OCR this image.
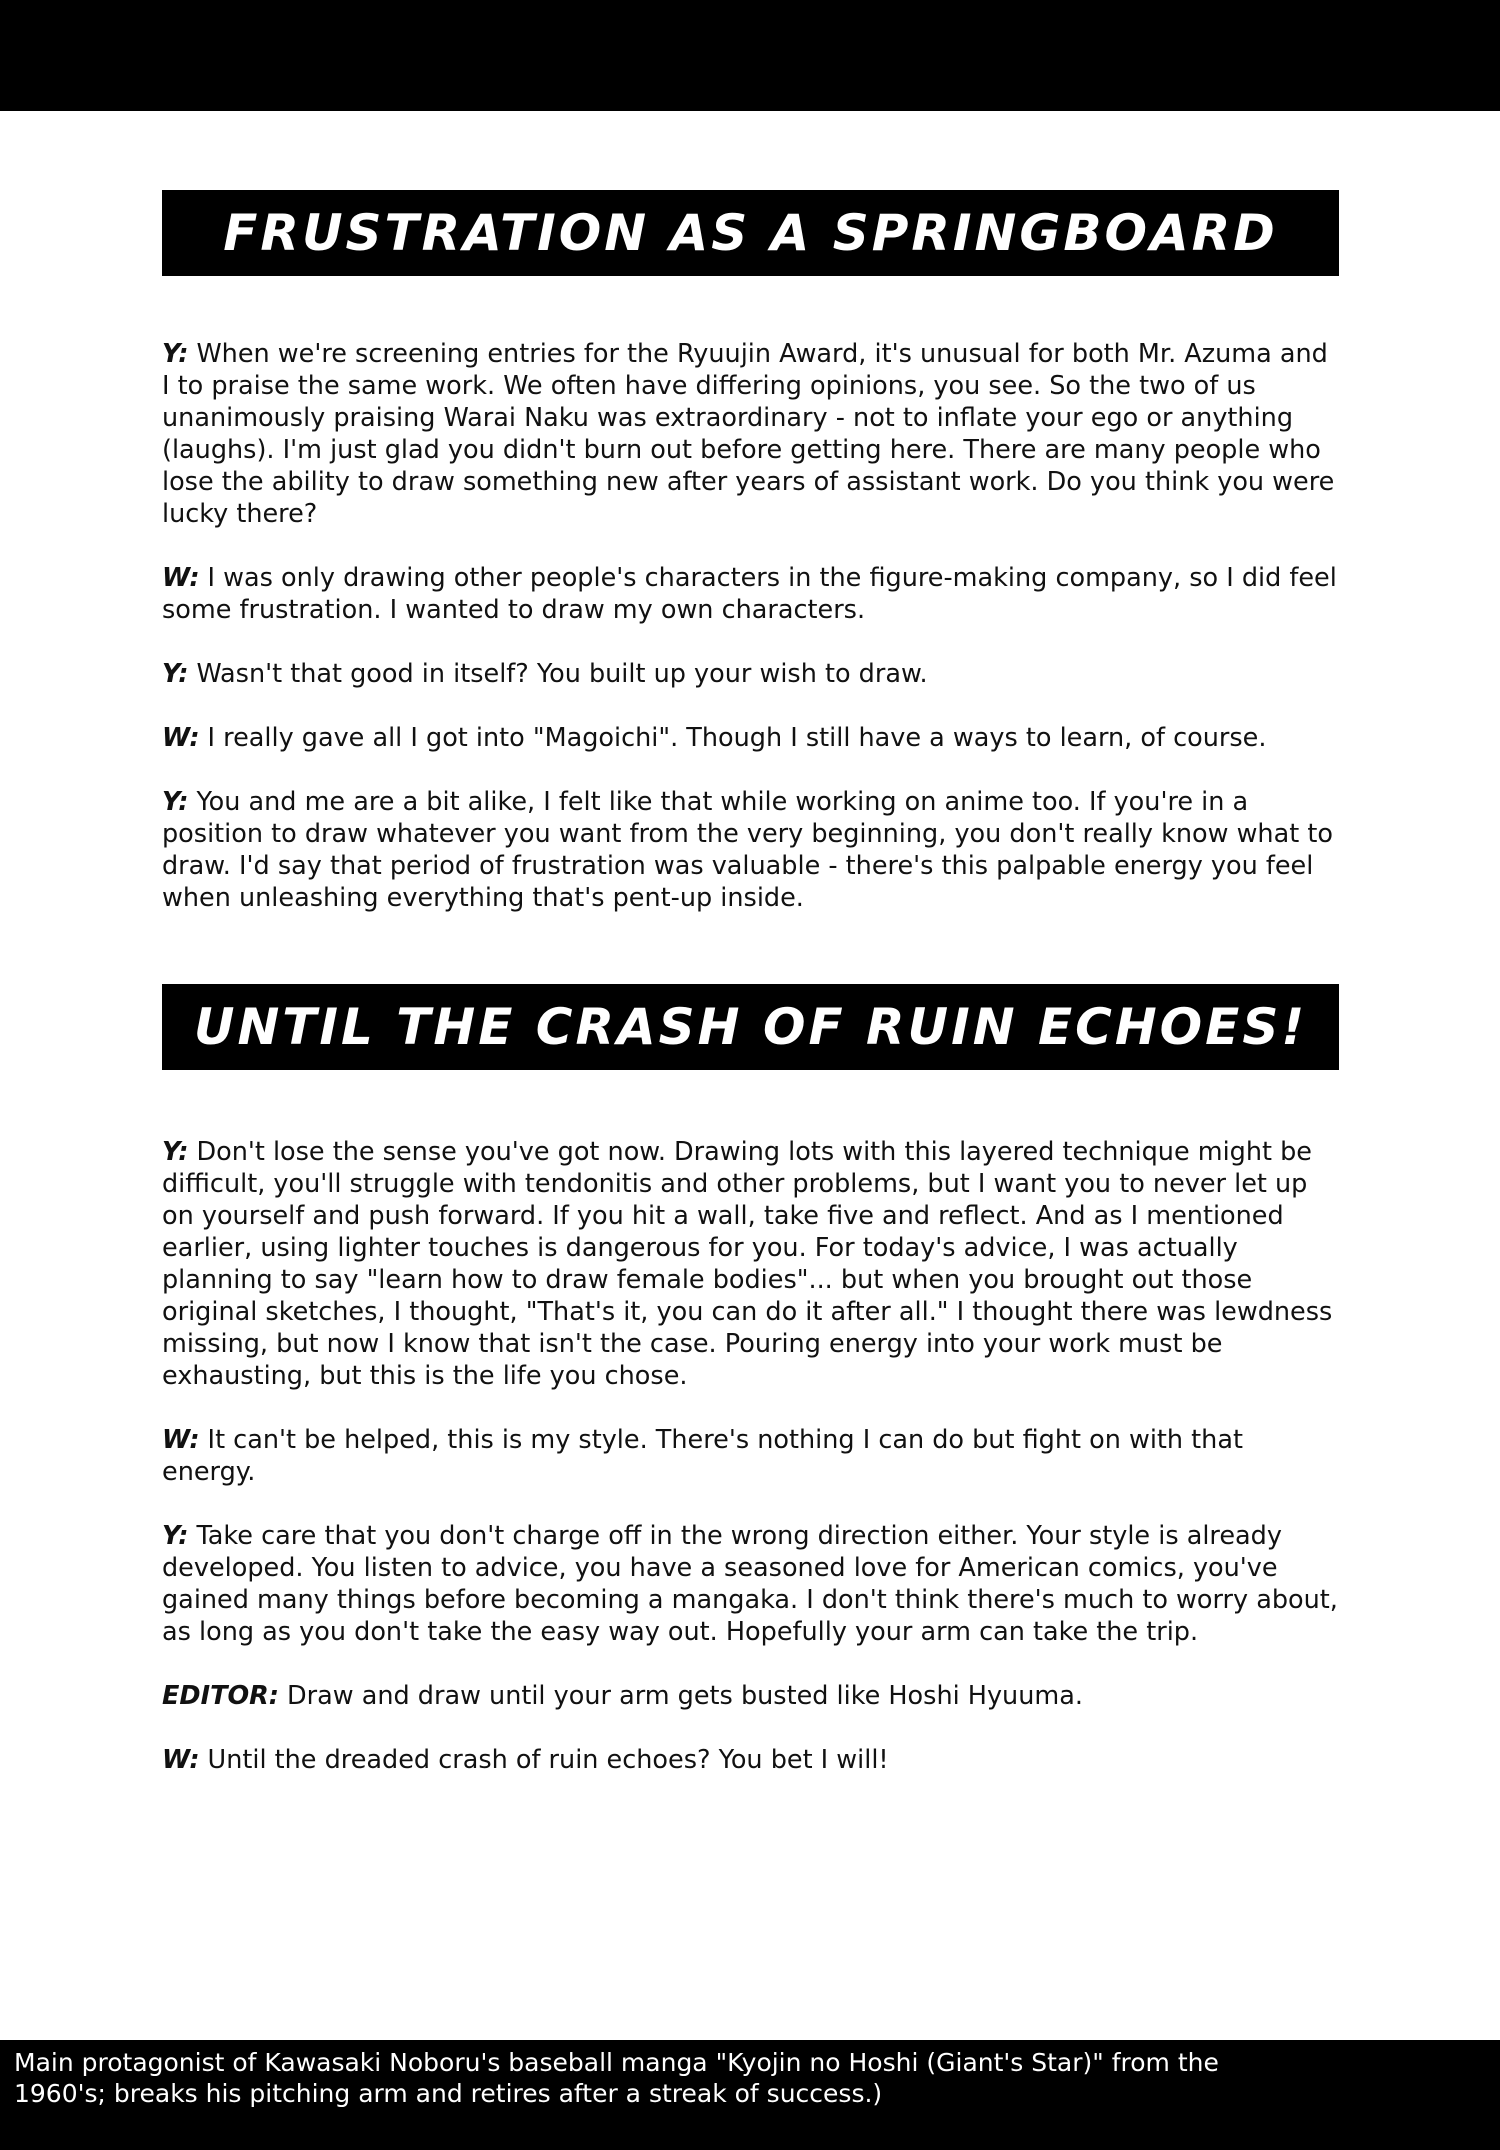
FRUSTRATION AS A SPRINGBOARD

Y: When we're screening entries for the Ryuujin Award, it's unusual for both Mr. Azuma and I to praise the same work. We often have differing opinions, you see. So the two of us unanimously praising Warai Naku was extraordinary - not to inflate your ego or anything (laughs). I'm just glad you didn't burn out before getting here. There are many people who lose the ability to draw something new after years of assistant work. Do you think you were lucky there?

W: I was only drawing other people's characters in the figure-making company, so I did feel some frustration. I wanted to draw my own characters.

Y: Wasn't that good in itself? You built up your wish to draw.

W: I really gave all I got into "Magoichi". Though I still have a ways to learn, of course.

Y: You and me are a bit alike, I felt like that while working on anime too. If you're in a position to draw whatever you want from the very beginning, you don't really know what to draw. I'd say that period of frustration was valuable - there's this palpable energy you feel when unleashing everything that's pent-up inside.

UNTIL THE CRASH OF RUIN ECHOES!

Y: Don't lose the sense you've got now. Drawing lots with this layered technique might be difficult, you'll struggle with tendonitis and other problems, but I want you to never let up on yourself and push forward. If you hit a wall, take five and reflect. And as I mentioned earlier, using lighter touches is dangerous for you. For today's advice, I was actually planning to say "learn how to draw female bodies"... but when you brought out those original sketches, I thought, "That's it, you can do it after all." I thought there was lewdness missing, but now I know that isn't the case. Pouring energy into your work must be exhausting, but this is the life you chose.

W: It can't be helped, this is my style. There's nothing I can do but fight on with that energy.

Y: Take care that you don't charge off in the wrong direction either. Your style is already developed. You listen to advice, you have a seasoned love for American comics, you've gained many things before becoming a mangaka. I don't think there's much to worry about, as long as you don't take the easy way out. Hopefully your arm can take the trip.

EDITOR: Draw and draw until your arm gets busted like Hoshi Hyuuma.

W: Until the dreaded crash of ruin echoes? You bet I will!

Main protagonist of Kawasaki Noboru's baseball manga "Kyojin no Hoshi (Giant's Star)" from the 1960's; breaks his pitching arm and retires after a streak of success.)
